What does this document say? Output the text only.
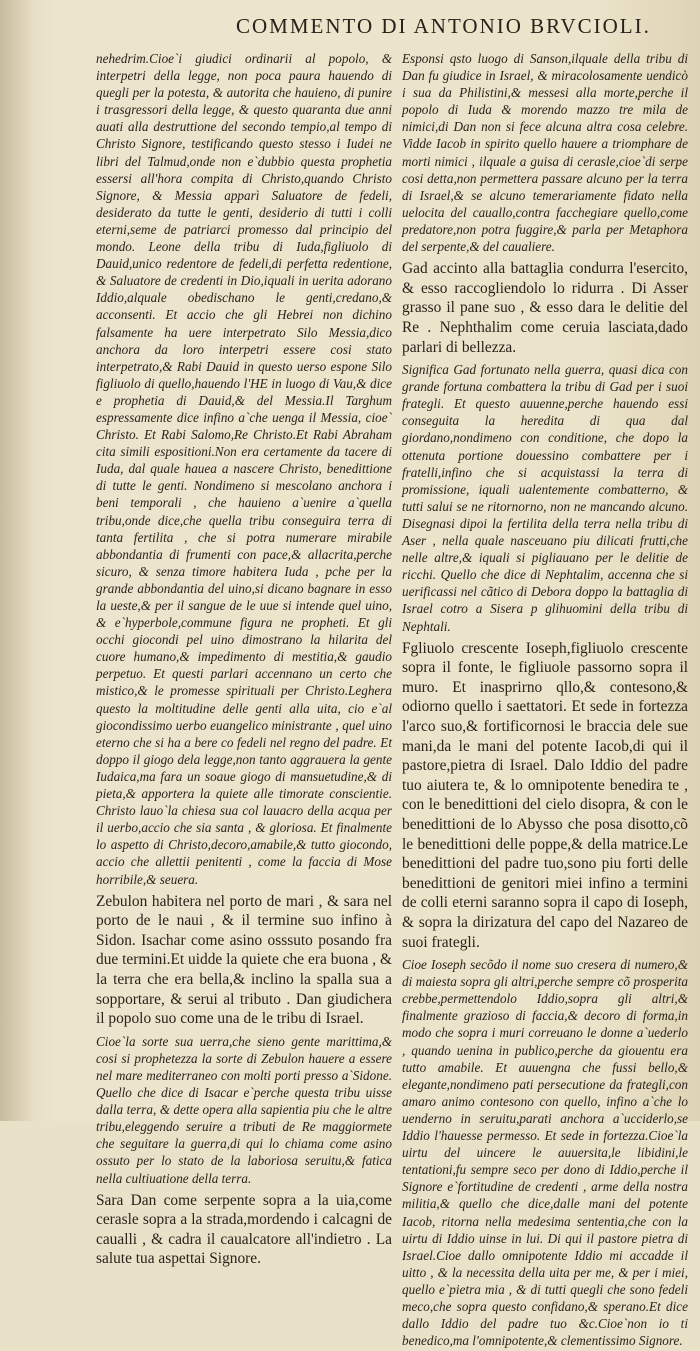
COMMENTO DI ANTONIO BRVCIOLI.

nehedrim.Cioe`i giudici ordinarii al popolo, & interpetri della legge, non poca paura hauendo di quegli per la potesta, & autorita che hauieno, di punire i trasgressori della legge, & questo quaranta due anni auati alla destruttione del secondo tempio,al tempo di Christo Signore, testificando questo stesso i Iudei ne libri del Talmud,onde non e`dubbio questa prophetia essersi all'hora compita di Christo,quando Christo Signore, & Messia apparì Saluatore de fedeli, desiderato da tutte le genti, desiderio di tutti i colli eterni,seme de patriarci promesso dal principio del mondo. Leone della tribu di Iuda,figliuolo di Dauid,unico redentore de fedeli,di perfetta redentione, & Saluatore de credenti in Dio,iquali in uerita adorano Iddio,alquale obedischano le genti,credano,& acconsenti. Et accio che gli Hebrei non dichino falsamente ha uere interpetrato Silo Messia,dico anchora da loro interpetri essere cosi stato interpetrato,& Rabi Dauid in questo uerso espone Silo figliuolo di quello,hauendo l'HE in luogo di Vau,& dice e prophetia di Dauid,& del Messia.Il Targhum espressamente dice infino a`che uenga il Messia, cioe` Christo. Et Rabi Salomo,Re Christo.Et Rabi Abraham cita simili espositioni.Non era certamente da tacere di Iuda, dal quale hauea a nascere Christo, benedittione di tutte le genti. Nondimeno si mescolano anchora i beni temporali , che hauieno a`uenire a`quella tribu,onde dice,che quella tribu conseguira terra di tanta fertilita , che si potra numerare mirabile abbondantia di frumenti con pace,& allacrita,perche sicuro, & senza timore habitera Iuda , pche per la grande abbondantia del uino,si dicano bagnare in esso la ueste,& per il sangue de le uue si intende quel uino, & e`hyperbole,commune figura ne propheti. Et gli occhi giocondi pel uino dimostrano la hilarita del cuore humano,& impedimento di mestitia,& gaudio perpetuo. Et questi parlari accennano un certo che mistico,& le promesse spirituali per Christo.Leghera questo la moltitudine delle genti alla uita, cio e`al giocondissimo uerbo euangelico ministrante , quel uino eterno che si ha a bere co fedeli nel regno del padre. Et doppo il giogo dela legge,non tanto aggrauera la gente Iudaica,ma fara un soaue giogo di mansuetudine,& di pieta,& apportera la quiete alle timorate conscientie. Christo lauo`la chiesa sua col lauacro della acqua per il uerbo,accio che sia santa , & gloriosa. Et finalmente lo aspetto di Christo,decoro,amabile,& tutto giocondo, accio che allettii penitenti , come la faccia di Mose horribile,& seuera.

Zebulon habitera nel porto de mari , & sara nel porto de le naui , & il termine suo infino à Sidon. Isachar come asino osssuto posando fra due termini.Et uidde la quiete che era buona , & la terra che era bella,& inclino la spalla sua a sopportare, & serui al tributo . Dan giudichera il popolo suo come una de le tribu di Israel.

Cioe`la sorte sua uerra,che sieno gente marittima,& cosi si prophetezza la sorte di Zebulon hauere a essere nel mare mediterraneo con molti porti presso a`Sidone. Quello che dice di Isacar e`perche questa tribu uisse dalla terra, & dette opera alla sapientia piu che le altre tribu,eleggendo seruire a tributi de Re maggiormete che seguitare la guerra,di qui lo chiama come asino ossuto per lo stato de la laboriosa seruitu,& fatica nella cultiuatione della terra.

Sara Dan come serpente sopra a la uia,come cerasle sopra a la strada,mordendo i calcagni de caualli , & cadra il caualcatore all'indietro . La salute tua aspettai Signore.

Esponsi qsto luogo di Sanson,ilquale della tribu di Dan fu giudice in Israel, & miracolosamente uendicò i sua da Philistini,& messesi alla morte,perche il popolo di Iuda & morendo mazzo tre mila de nimici,di Dan non si fece alcuna altra cosa celebre. Vidde Iacob in spirito quello hauere a triomphare de morti nimici , ilquale a guisa di cerasle,cioe`di serpe cosi detta,non permettera passare alcuno per la terra di Israel,& se alcuno temerariamente fidato nella uelocita del cauallo,contra facchegiare quello,come predatore,non potra fuggire,& parla per Metaphora del serpente,& del caualiere.

Gad accinto alla battaglia condurra l'esercito, & esso raccogliendolo lo ridurra . Di Asser grasso il pane suo , & esso dara le delitie del Re . Nephthalim come ceruia lasciata,dado parlari di bellezza.

Significa Gad fortunato nella guerra, quasi dica con grande fortuna combattera la tribu di Gad per i suoi frategli. Et questo auuenne,perche hauendo essi conseguita la heredita di qua dal giordano,nondimeno con conditione, che dopo la ottenuta portione douessino combattere per i fratelli,infino che si acquistassi la terra di promissione, iquali ualentemente combatterno, & tutti salui se ne ritornorno, non ne mancando alcuno. Disegnasi dipoi la fertilita della terra nella tribu di Aser , nella quale nasceuano piu dilicati frutti,che nelle altre,& iquali si pigliauano per le delitie de ricchi. Quello che dice di Nephtalim, accenna che si uerificassi nel cãtico di Debora doppo la battaglia di Israel cotro a Sisera p glihuomini della tribu di Nephtali.

Fgliuolo crescente Ioseph,figliuolo crescente sopra il fonte, le figliuole passorno sopra il muro. Et inasprirno qllo,& contesono,& odiorno quello i saettatori. Et sede in fortezza l'arco suo,& fortificornosi le braccia dele sue mani,da le mani del potente Iacob,di qui il pastore,pietra di Israel. Dalo Iddio del padre tuo aiutera te, & lo omnipotente benedira te , con le benedittioni del cielo disopra, & con le benedittioni de lo Abysso che posa disotto,cõ le benedittioni delle poppe,& della matrice.Le benedittioni del padre tuo,sono piu forti delle benedittioni de genitori miei infino a termini de colli eterni saranno sopra il capo di Ioseph, & sopra la dirizatura del capo del Nazareo de suoi frategli.

Cioe Ioseph secõdo il nome suo cresera di numero,& di maiesta sopra gli altri,perche sempre cõ prosperita crebbe,permettendolo Iddio,sopra gli altri,& finalmente grazioso di faccia,& decoro di forma,in modo che sopra i muri correuano le donne a`uederlo , quando uenina in publico,perche da giouentu era tutto amabile. Et auuengna che fussi bello,& elegante,nondimeno pati persecutione da frategli,con amaro animo contesono con quello, infino a`che lo uenderno in seruitu,parati anchora a`ucciderlo,se Iddio l'hauesse permesso. Et sede in fortezza.Cioe`la uirtu del uincere le auuersita,le libidini,le tentationi,fu sempre seco per dono di Iddio,perche il Signore e`fortitudine de credenti , arme della nostra militia,& quello che dice,dalle mani del potente Iacob, ritorna nella medesima sententia,che con la uirtu di Iddio uinse in lui. Di qui il pastore pietra di Israel.Cioe dallo omnipotente Iddio mi accadde il uitto , & la necessita della uita per me, & per i miei, quello e`pietra mia , & di tutti quegli che sono fedeli meco,che sopra questo confidano,& sperano.Et dice dallo Iddio del padre tuo &c.Cioe`non io ti benedico,ma l'omnipotente,& clementissimo Signore.
